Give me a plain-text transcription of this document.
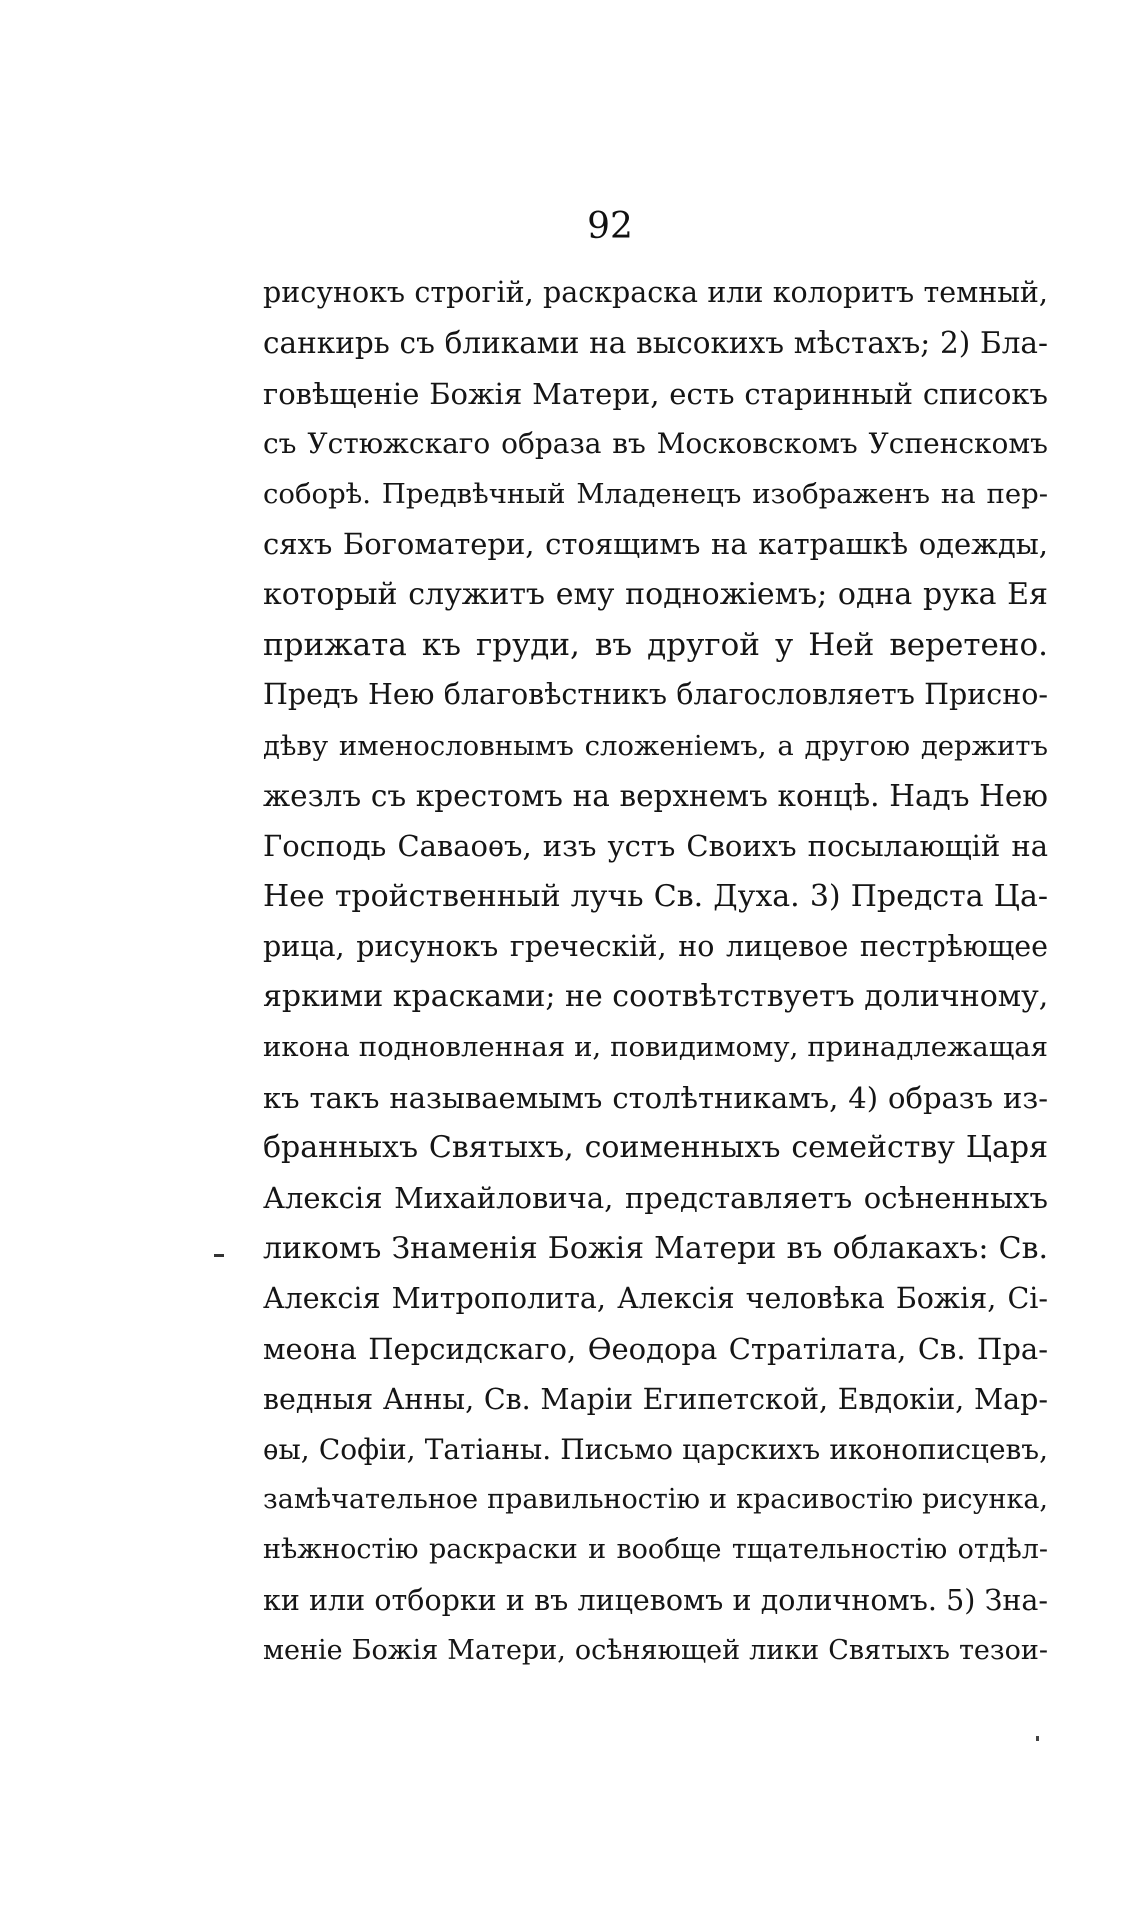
92
рисунокъ строгій, раскраска или колоритъ темный,
санкирь съ бликами на высокихъ мѣстахъ; 2) Бла-
говѣщеніе Божія Матери, есть старинный списокъ
съ Устюжскаго образа въ Московскомъ Успенскомъ
соборѣ. Предвѣчный Младенецъ изображенъ на пер-
сяхъ Богоматери, стоящимъ на катрашкѣ одежды,
который служитъ ему подножіемъ; одна рука Ея
прижата къ груди, въ другой у Ней веретено.
Предъ Нею благовѣстникъ благословляетъ Присно-
дѣву именословнымъ сложеніемъ, а другою держитъ
жезлъ съ крестомъ на верхнемъ концѣ. Надъ Нею
Господь Саваоѳъ, изъ устъ Своихъ посылающій на
Нее тройственный лучь Св. Духа. 3) Предста Ца-
рица, рисунокъ греческій, но лицевое пестрѣющее
яркими красками; не соотвѣтствуетъ доличному,
икона подновленная и, повидимому, принадлежащая
къ такъ называемымъ столѣтникамъ, 4) образъ из-
бранныхъ Святыхъ, соименныхъ семейству Царя
Алексія Михайловича, представляетъ осѣненныхъ
ликомъ Знаменія Божія Матери въ облакахъ: Св.
Алексія Митрополита, Алексія человѣка Божія, Сі-
меона Персидскаго, Ѳеодора Стратілата, Св. Пра-
ведныя Анны, Св. Маріи Египетской, Евдокіи, Мар-
ѳы, Софіи, Татіаны. Письмо царскихъ иконописцевъ,
замѣчательное правильностію и красивостію рисунка,
нѣжностію раскраски и вообще тщательностію отдѣл-
ки или отборки и въ лицевомъ и доличномъ. 5) Зна-
меніе Божія Матери, осѣняющей лики Святыхъ тезои-
